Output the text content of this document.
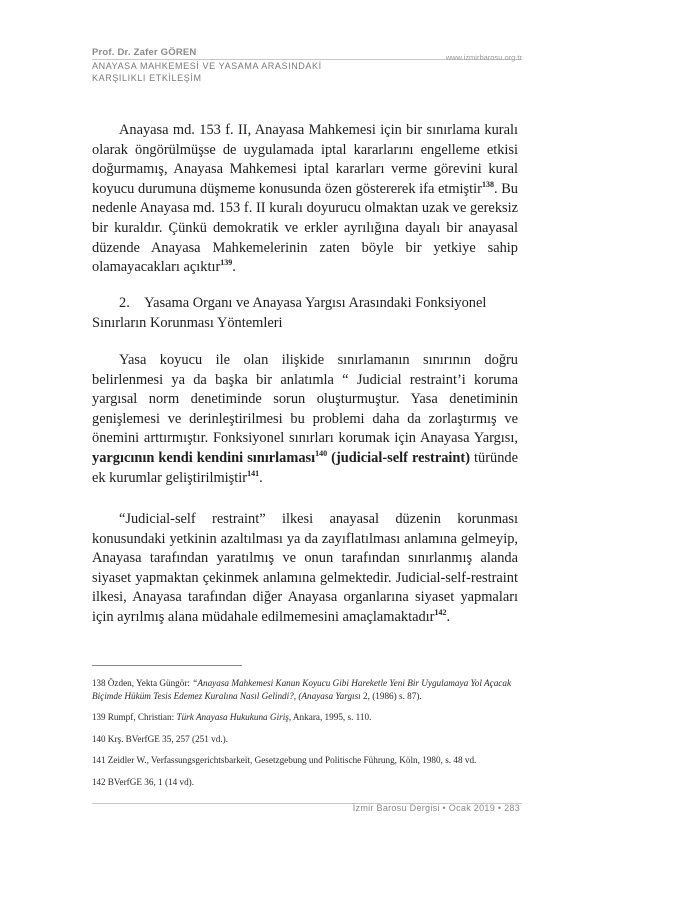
Prof. Dr. Zafer GÖREN
ANAYASA MAHKEMESİ VE YASAMA ARASINDAKİ
KARŞILIKLI ETKİLEŞİM
www.izmirbarosu.org.tr
Anayasa md. 153 f. II, Anayasa Mahkemesi için bir sınırlama kuralı olarak öngörülmüşse de uygulamada iptal kararlarını engelleme etkisi doğurmamış, Anayasa Mahkemesi iptal kararları verme görevini kural koyucu durumuna düşmeme konusunda özen göstererek ifa etmiştir$^{138}$. Bu nedenle Anayasa md. 153 f. II kuralı doyurucu olmaktan uzak ve gereksiz bir kuraldır. Çünkü demokratik ve erkler ayrılığına dayalı bir anayasal düzende Anayasa Mahkemelerinin zaten böyle bir yetkiye sahip olamayacakları açıktır$^{139}$.
2. Yasama Organı ve Anayasa Yargısı Arasındaki Fonksiyonel Sınırların Korunması Yöntemleri
Yasa koyucu ile olan ilişkide sınırlamanın sınırının doğru belirlenmesi ya da başka bir anlatımla “ Judicial restraint’i koruma yargısal norm denetiminde sorun oluşturmuştur. Yasa denetiminin genişlemesi ve derinleştirilmesi bu problemi daha da zorlaştırmış ve önemini arttırmıştır. Fonksiyonel sınırları korumak için Anayasa Yargısı, yargıcının kendi kendini sınırlaması$^{140}$ (judicial-self restraint) türünde ek kurumlar geliştirilmiştir$^{141}$.
“Judicial-self restraint” ilkesi anayasal düzenin korunması konusundaki yetkinin azaltılması ya da zayıflatılması anlamına gelmeyip, Anayasa tarafından yaratılmış ve onun tarafından sınırlanmış alanda siyaset yapmaktan çekinmek anlamına gelmektedir. Judicial-self-restraint ilkesi, Anayasa tarafından diğer Anayasa organlarına siyaset yapmaları için ayrılmış alana müdahale edilmemesini amaçlamaktadır$^{142}$.
138 Özden, Yekta Güngör: “Anayasa Mahkemesi Kanun Koyucu Gibi Hareketle Yeni Bir Uygulamaya Yol Açacak Biçimde Hüküm Tesis Edemez Kuralına Nasıl Gelindi?, (Anayasa Yargısı 2, (1986) s. 87).
139 Rumpf, Christian: Türk Anayasa Hukukuna Giriş, Ankara, 1995, s. 110.
140 Krş. BVerfGE 35, 257 (251 vd.).
141 Zeidler W., Verfassungsgerichtsbarkeit, Gesetzgebung und Politische Führung, Köln, 1980, s. 48 vd.
142 BVerfGE 36, 1 (14 vd).
İzmir Barosu Dergisi • Ocak 2019 • 283
